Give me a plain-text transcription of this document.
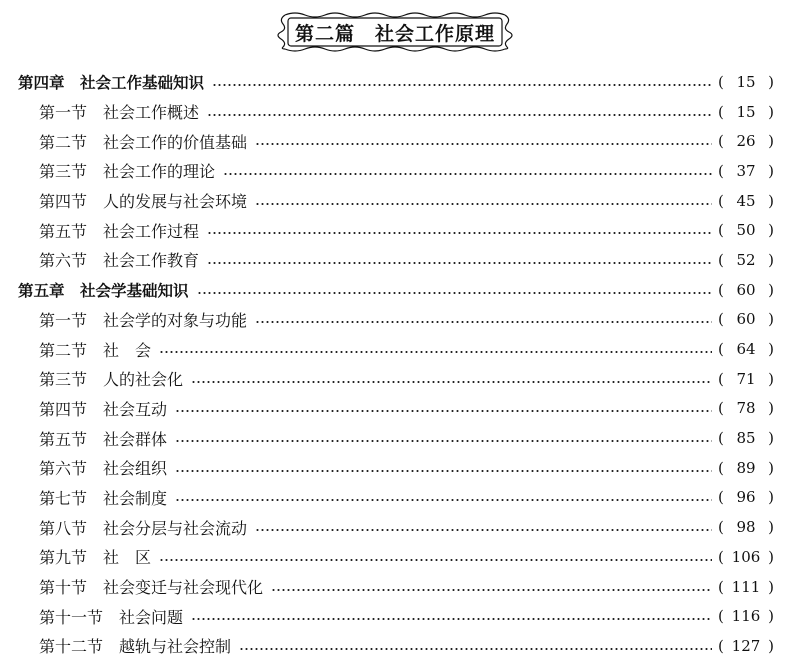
第二篇　社会工作原理
第四章　社会工作基础知识	( 15 )
第一节　社会工作概述	( 15 )
第二节　社会工作的价值基础	( 26 )
第三节　社会工作的理论	( 37 )
第四节　人的发展与社会环境	( 45 )
第五节　社会工作过程	( 50 )
第六节　社会工作教育	( 52 )
第五章　社会学基础知识	( 60 )
第一节　社会学的对象与功能	( 60 )
第二节　社　会	( 64 )
第三节　人的社会化	( 71 )
第四节　社会互动	( 78 )
第五节　社会群体	( 85 )
第六节　社会组织	( 89 )
第七节　社会制度	( 96 )
第八节　社会分层与社会流动	( 98 )
第九节　社　区	( 106 )
第十节　社会变迁与社会现代化	( 111 )
第十一节　社会问题	( 116 )
第十二节　越轨与社会控制	( 127 )
